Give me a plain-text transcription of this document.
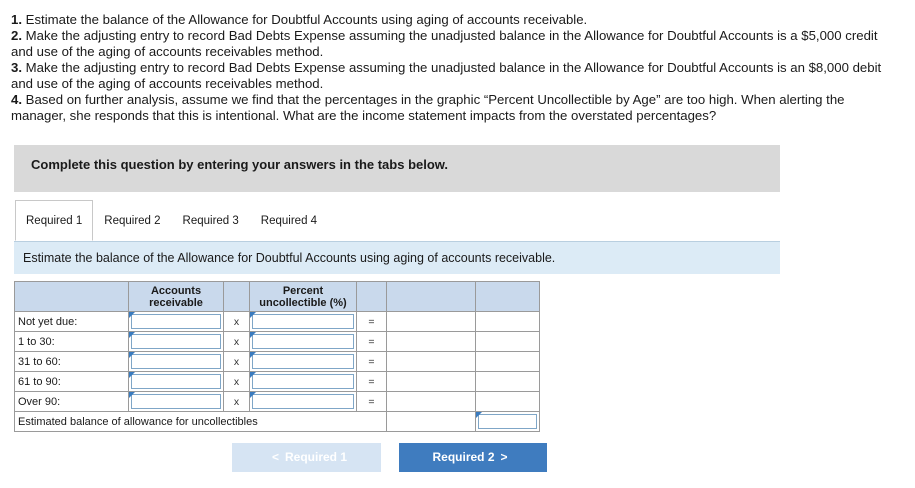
1. Estimate the balance of the Allowance for Doubtful Accounts using aging of accounts receivable.

2. Make the adjusting entry to record Bad Debts Expense assuming the unadjusted balance in the Allowance for Doubtful Accounts is a $5,000 credit and use of the aging of accounts receivables method.

3. Make the adjusting entry to record Bad Debts Expense assuming the unadjusted balance in the Allowance for Doubtful Accounts is an $8,000 debit and use of the aging of accounts receivables method.

4. Based on further analysis, assume we find that the percentages in the graphic “Percent Uncollectible by Age” are too high. When alerting the manager, she responds that this is intentional. What are the income statement impacts from the overstated percentages?

Complete this question by entering your answers in the tabs below.
Required 1	Required 2	Required 3	Required 4
Estimate the balance of the Allowance for Doubtful Accounts using aging of accounts receivable.
	Accounts receivable		Percent uncollectible (%)			
Not yet due:		x		=		
1 to 30:		x		=		
31 to 60:		x		=		
61 to 90:		x		=		
Over 90:		x		=		
Estimated balance of allowance for uncollectibles		
< Required 1	Required 2 >
